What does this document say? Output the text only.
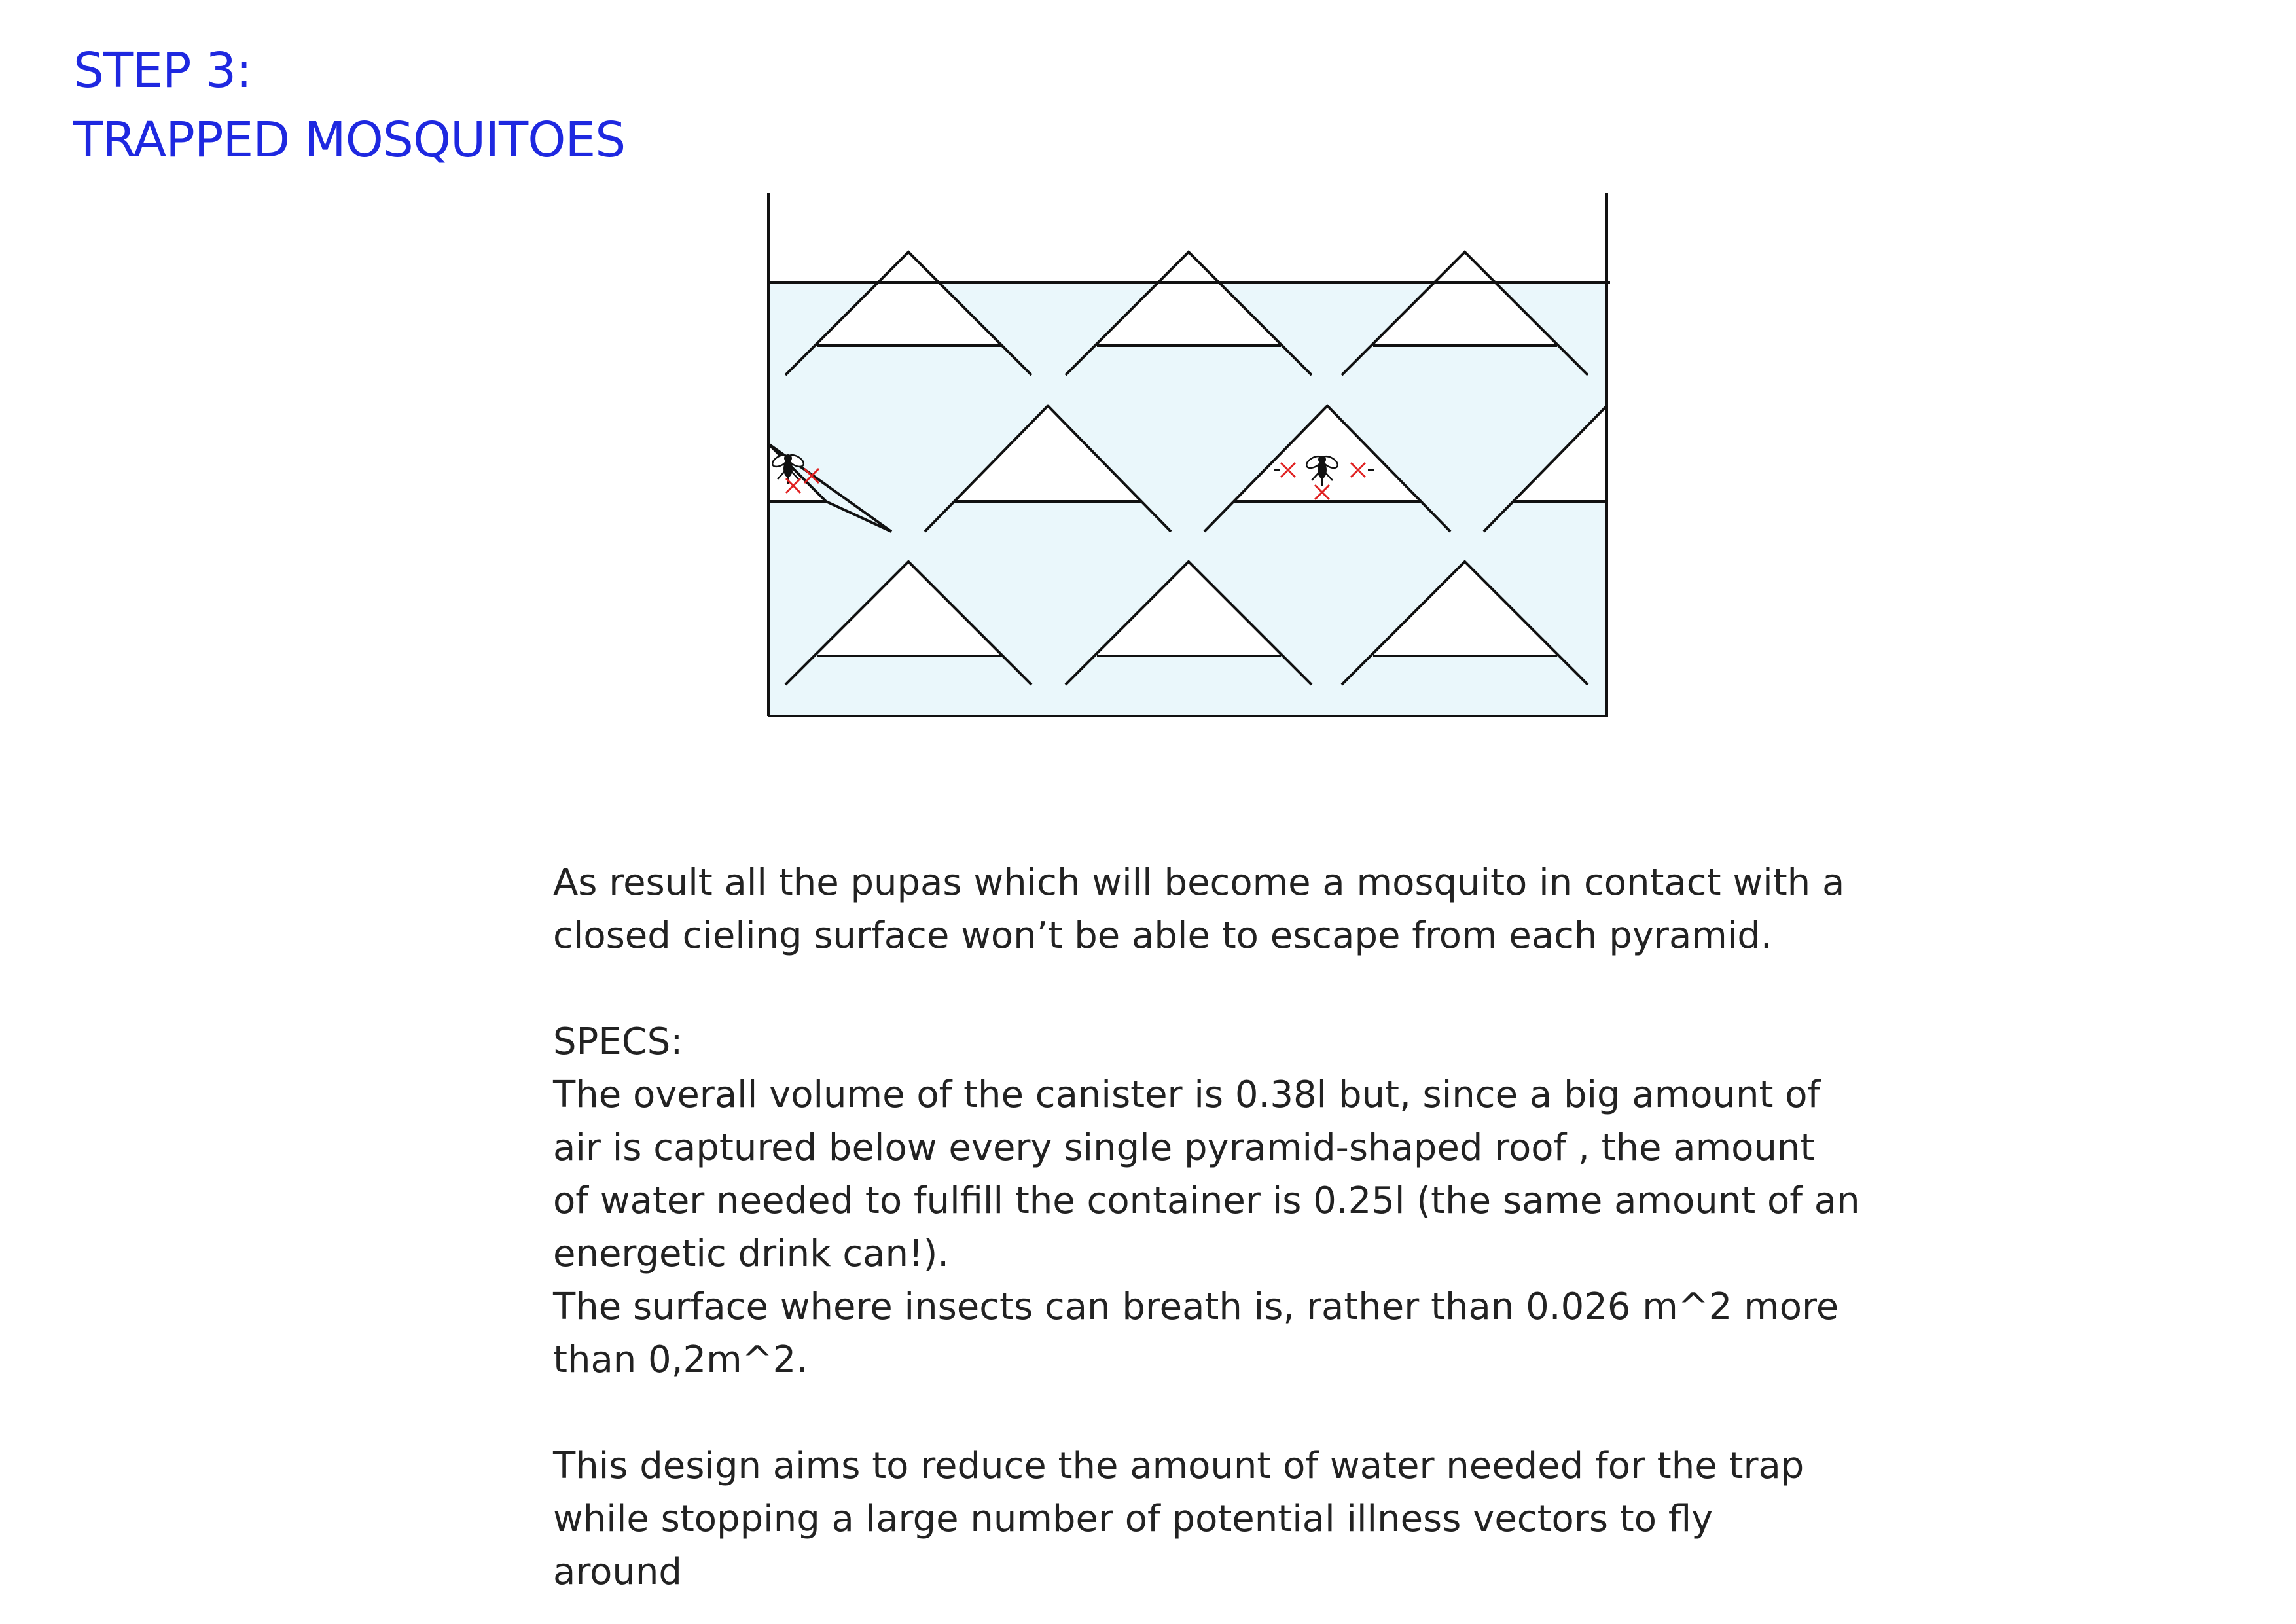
STEP 3:
TRAPPED MOSQUITOES

As result all the pupas which will become a mosquito in contact with a

closed cieling surface won’t be able to escape from each pyramid.

SPECS:

The overall volume of the canister is 0.38l but, since a big amount of

air is captured below every single pyramid-shaped roof , the amount

of water needed to fulfill the container is 0.25l (the same amount of an

energetic drink can!).

The surface where insects can breath is, rather than 0.026 m^2 more

than 0,2m^2.

This design aims to reduce the amount of water needed for the trap

while stopping a large number of potential illness vectors to fly

around
